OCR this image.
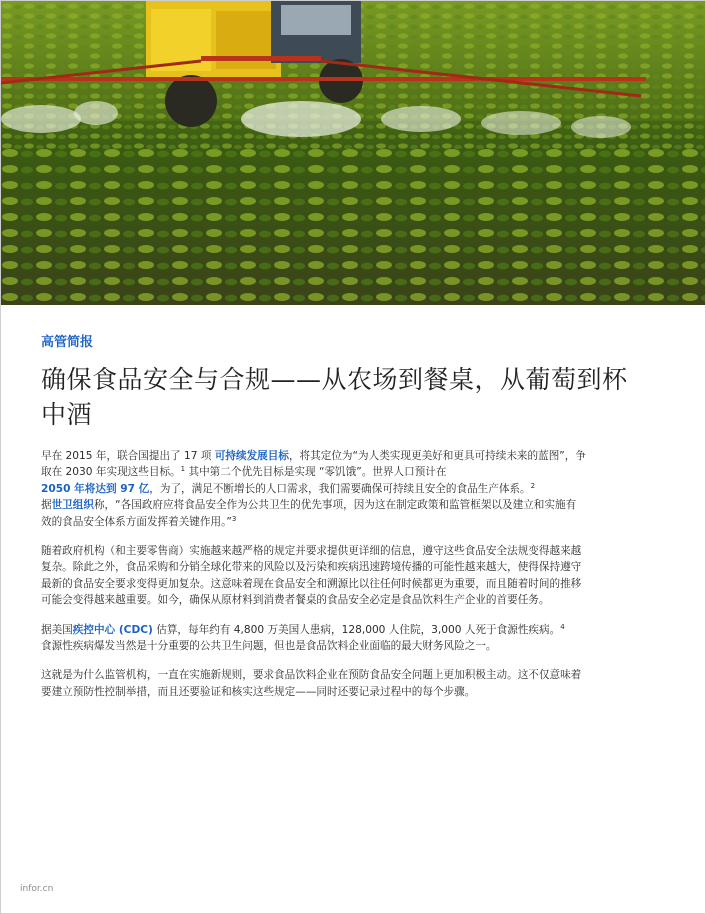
高管简报

确保食品安全与合规——从农场到餐桌，从葡萄到杯中酒

早在 2015 年，联合国提出了 17 项 可持续发展目标，将其定位为“为人类实现更美好和更具可持续未来的蓝图”，争取在 2030 年实现这些目标。$^1$ 其中第二个优先目标是实现 “零饥饿”。世界人口预计在
2050 年将达到 97 亿，为了，满足不断增长的人口需求，我们需要确保可持续且安全的食品生产体系。$^2$
据世卫组织称，“各国政府应将食品安全作为公共卫生的优先事项，因为这在制定政策和监管框架以及建立和实施有效的食品安全体系方面发挥着关键作用。”$^3$

随着政府机构（和主要零售商）实施越来越严格的规定并要求提供更详细的信息，遵守这些食品安全法规变得越来越复杂。除此之外，食品采购和分销全球化带来的风险以及污染和疾病迅速跨境传播的可能性越来越大，使得保持遵守最新的食品安全要求变得更加复杂。这意味着现在食品安全和溯源比以往任何时候都更为重要，而且随着时间的推移可能会变得越来越重要。如今，确保从原材料到消费者餐桌的食品安全必定是食品饮料生产企业的首要任务。

据美国疾控中心 (CDC) 估算，每年约有 4,800 万美国人患病，128,000 人住院，3,000 人死于食源性疾病。$^4$
食源性疾病爆发当然是十分重要的公共卫生问题，但也是食品饮料企业面临的最大财务风险之一。

这就是为什么监管机构，一直在实施新规则，要求食品饮料企业在预防食品安全问题上更加积极主动。这不仅意味着要建立预防性控制举措，而且还要验证和核实这些规定——同时还要记录过程中的每个步骤。

infor.cn
